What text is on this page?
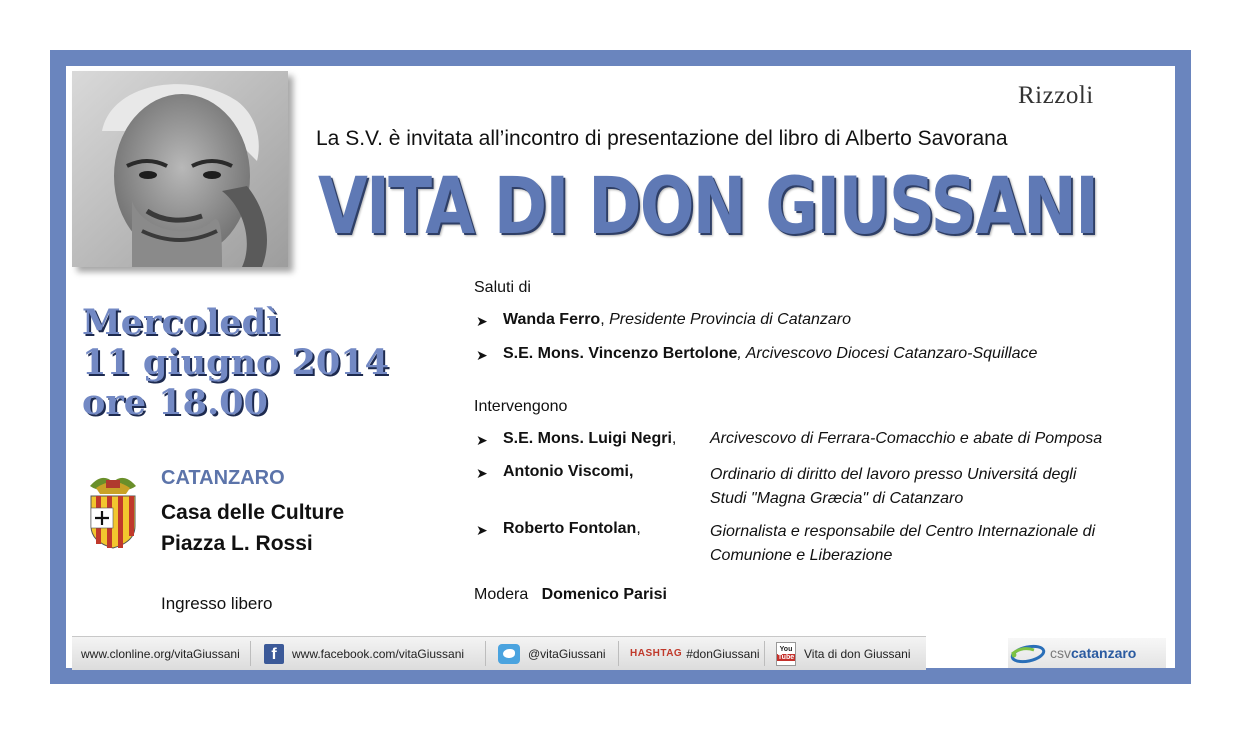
Rizzoli
La S.V. è invitata all’incontro di presentazione del libro di Alberto Savorana
VITA DI DON GIUSSANI
Mercoledì
11 giugno 2014
ore 18.00
CATANZARO
Casa delle Culture
Piazza L. Rossi
Ingresso libero
Saluti di
➤ Wanda Ferro, Presidente Provincia di Catanzaro
➤ S.E. Mons. Vincenzo Bertolone, Arcivescovo Diocesi Catanzaro-Squillace
Intervengono
➤ S.E. Mons. Luigi Negri, Arcivescovo di Ferrara-Comacchio e abate di Pomposa
➤ Antonio Viscomi,	Ordinario di diritto del lavoro presso Universitá degli
Studi "Magna Græcia" di Catanzaro
➤ Roberto Fontolan,	Giornalista e responsabile del Centro Internazionale di
Comunione e Liberazione
Modera Domenico Parisi
www.clonline.org/vitaGiussani	f	www.facebook.com/vitaGiussani	@vitaGiussani HASHTAG #donGiussani	You
Tube Vita di don Giussani	csvcatanzaro
